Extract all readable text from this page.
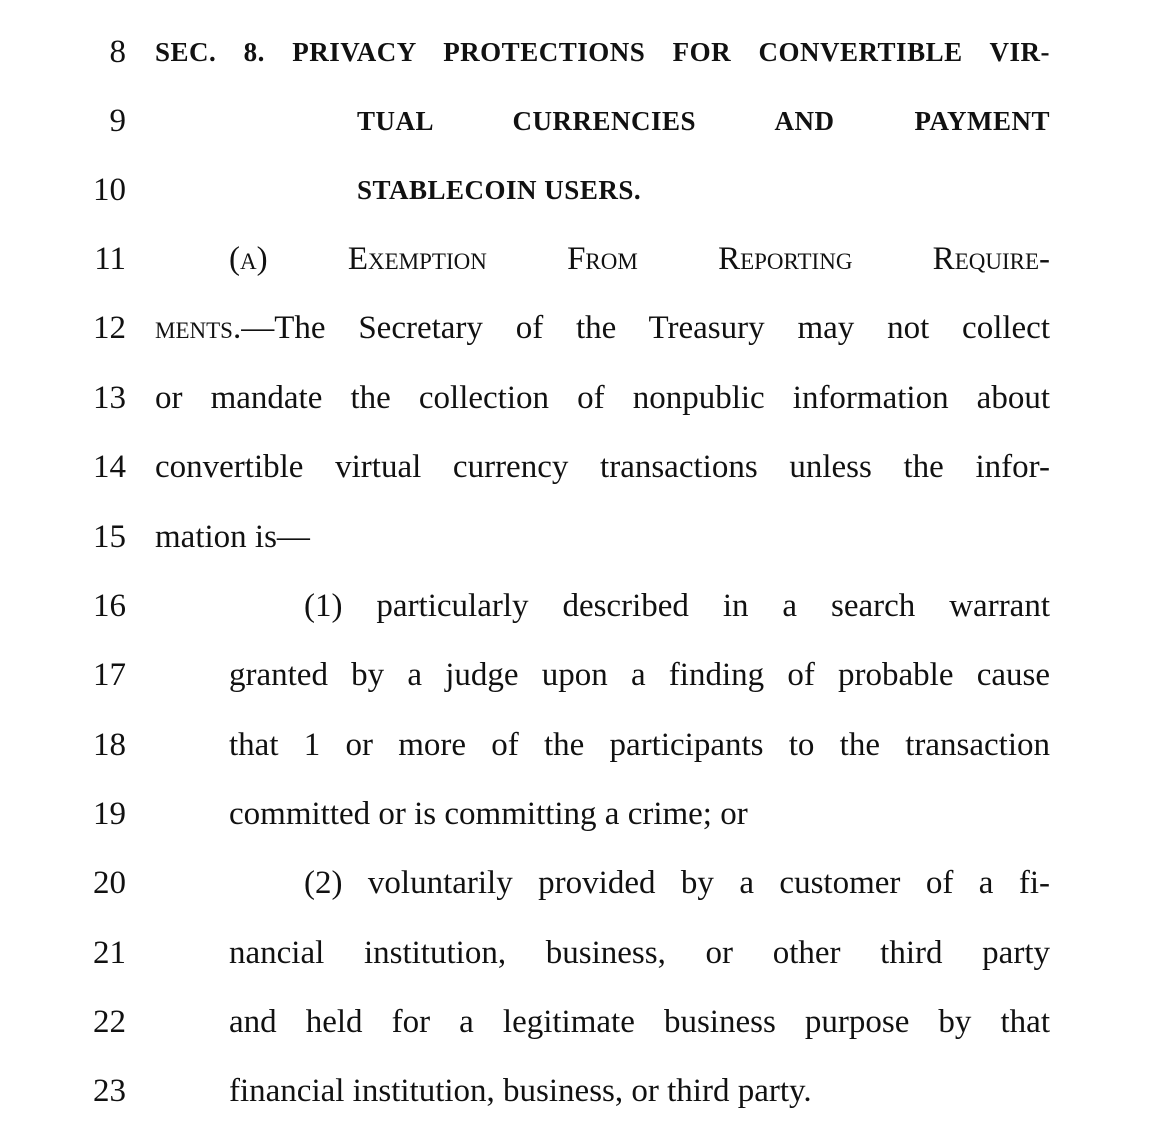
8 SEC. 8. PRIVACY PROTECTIONS FOR CONVERTIBLE VIR-
9	TUAL CURRENCIES AND PAYMENT
10	STABLECOIN USERS.
11	(a) Exemption From Reporting Require-
12 ments.—The Secretary of the Treasury may not collect
13 or mandate the collection of nonpublic information about
14 convertible virtual currency transactions unless the infor-
15 mation is—
16	(1) particularly described in a search warrant
17	granted by a judge upon a finding of probable cause
18	that 1 or more of the participants to the transaction
19	committed or is committing a crime; or
20	(2) voluntarily provided by a customer of a fi-
21	nancial institution, business, or other third party
22	and held for a legitimate business purpose by that
23	financial institution, business, or third party.
